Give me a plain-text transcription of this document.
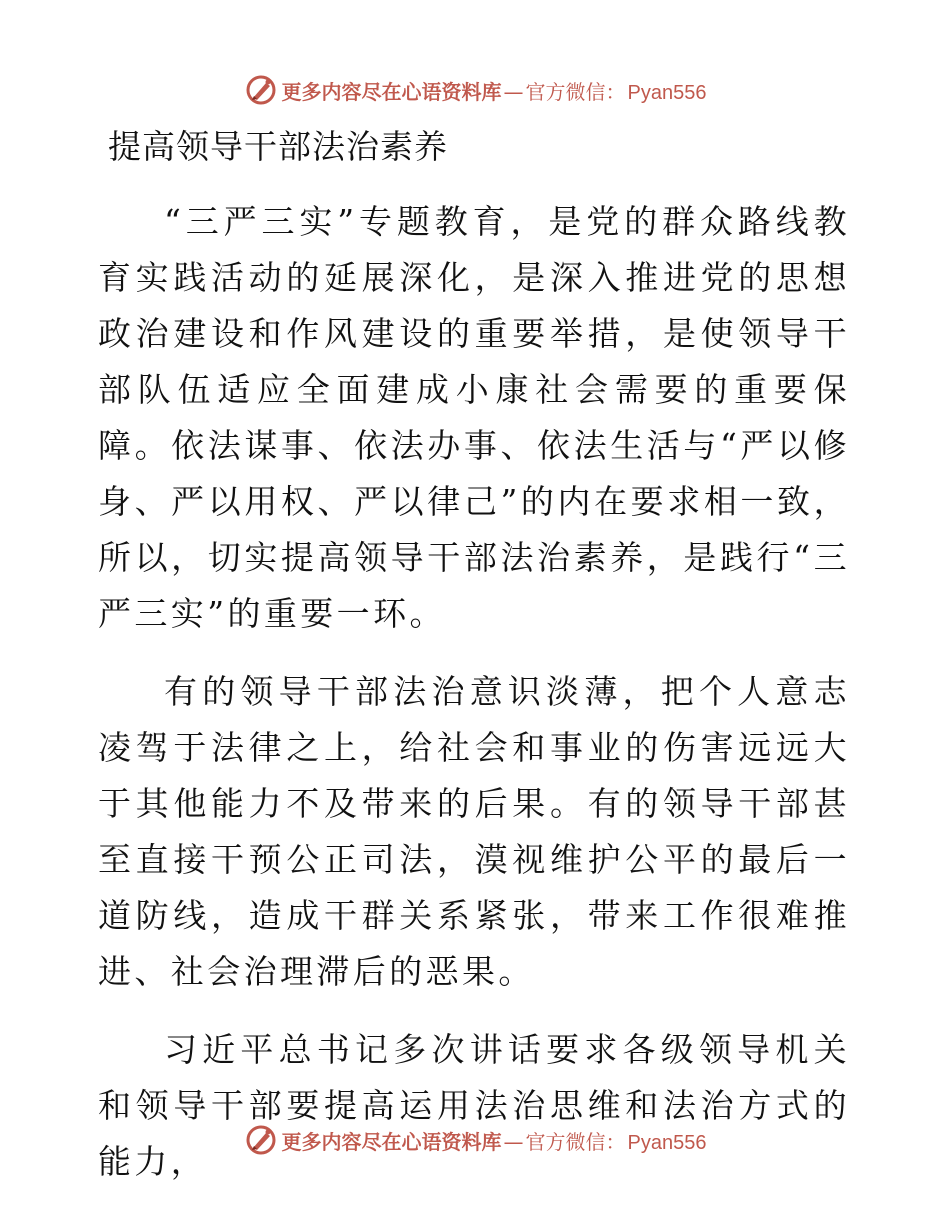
更多内容尽在心语资料库 — 官方微信： Pyan556
提高领导干部法治素养

“三严三实”专题教育，是党的群众路线教育实践活动的延展深化，是深入推进党的思想政治建设和作风建设的重要举措，是使领导干部队伍适应全面建成小康社会需要的重要保障。依法谋事、依法办事、依法生活与“严以修身、严以用权、严以律己”的内在要求相一致，所以，切实提高领导干部法治素养，是践行“三严三实”的重要一环。

有的领导干部法治意识淡薄，把个人意志凌驾于法律之上，给社会和事业的伤害远远大于其他能力不及带来的后果。有的领导干部甚至直接干预公正司法，漠视维护公平的最后一道防线，造成干群关系紧张，带来工作很难推进、社会治理滞后的恶果。

习近平总书记多次讲话要求各级领导机关和领导干部要提高运用法治思维和法治方式的能力，

更多内容尽在心语资料库 — 官方微信： Pyan556
